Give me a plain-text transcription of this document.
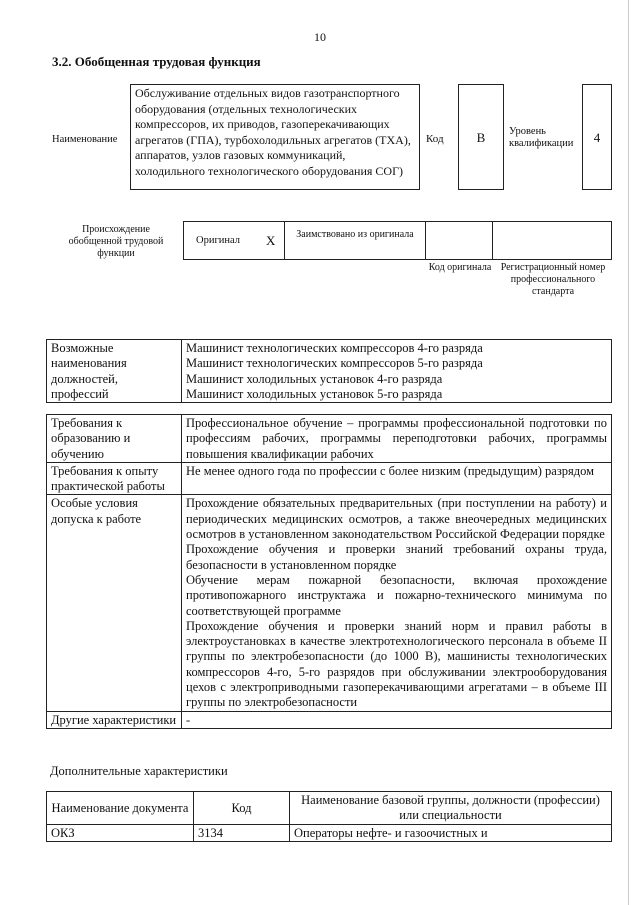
10
3.2. Обобщенная трудовая функция
Наименование
Обслуживание отдельных видов газотранспортного оборудования (отдельных технологических компрессоров, их приводов, газоперекачивающих агрегатов (ГПА), турбохолодильных агрегатов (ТХА), аппаратов, узлов газовых коммуникаций, холодильного технологического оборудования СОГ)
Код	B	Уровень квалификации	4
Происхождение обобщенной трудовой функции
Оригинал X	Заимствовано из оригинала
Код оригинала Регистрационный номер профессионального стандарта
Возможные наименования должностей, профессий	
Машинист технологических компрессоров 4-го разряда
Машинист технологических компрессоров 5-го разряда
Машинист холодильных установок 4-го разряда
Машинист холодильных установок 5-го разряда
Требования к образованию и обучению	Профессиональное обучение – программы профессиональной подготовки по профессиям рабочих, программы переподготовки рабочих, программы повышения квалификации рабочих
Требования к опыту практической работы	Не менее одного года по профессии с более низким (предыдущим) разрядом
Особые условия допуска к работе	Прохождение обязательных предварительных (при поступлении на работу) и периодических медицинских осмотров, а также внеочередных медицинских осмотров в установленном законодательством Российской Федерации порядке

Прохождение обучения и проверки знаний требований охраны труда, безопасности в установленном порядке

Обучение мерам пожарной безопасности, включая прохождение противопожарного инструктажа и пожарно-технического минимума по соответствующей программе

Прохождение обучения и проверки знаний норм и правил работы в электроустановках в качестве электротехнологического персонала в объеме II группы по электробезопасности (до 1000 В), машинисты технологических компрессоров 4-го, 5-го разрядов при обслуживании электрооборудования цехов с электроприводными газоперекачивающими агрегатами – в объеме III группы по электробезопасности

Другие характеристики	-
Дополнительные характеристики
Наименование документа	Код	Наименование базовой группы, должности (профессии) или специальности
ОКЗ	3134	Операторы нефте- и газоочистных и
